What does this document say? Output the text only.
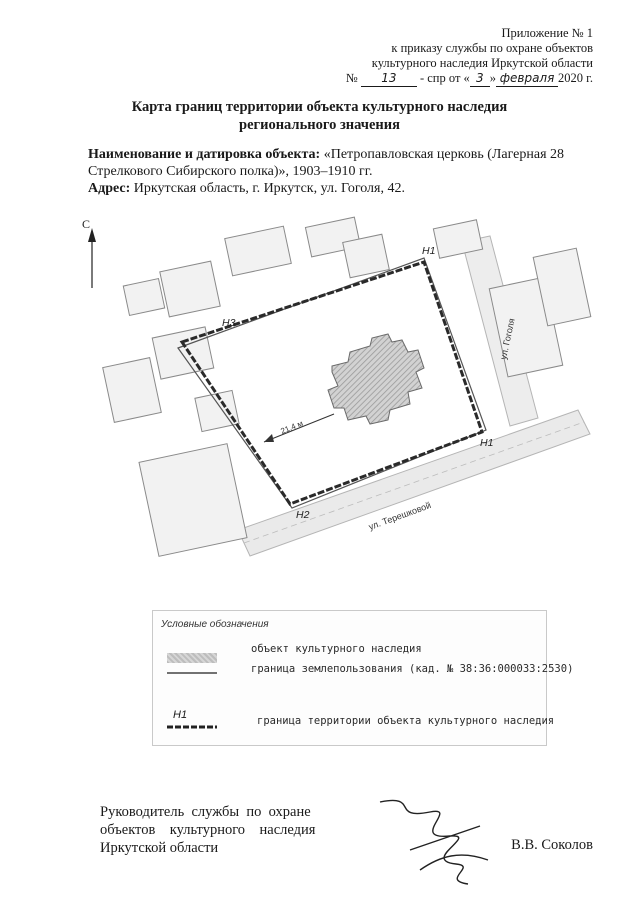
Приложение № 1
к приказу службы по охране объектов
культурного наследия Иркутской области
№ 13 - спр от « 3 » февраля 2020 г.
Карта границ территории объекта культурного наследия
регионального значения
Наименование и датировка объекта: «Петропавловская церковь (Лагерная 28 Стрелкового Сибирского полка)», 1903–1910 гг.
Адрес: Иркутская область, г. Иркутск, ул. Гоголя, 42.
С
21,4 м
Н1
Н2
Н3
Н1
ул. Гоголя
ул. Терешковой
Условные обозначения
объект культурного наследия
граница землепользования (кад. № 38:36:000033:2530)
Н1	граница территории объекта культурного наследия
Руководитель  службы  по  охране
объектов    культурного    наследия
Иркутской области	В.В. Соколов
